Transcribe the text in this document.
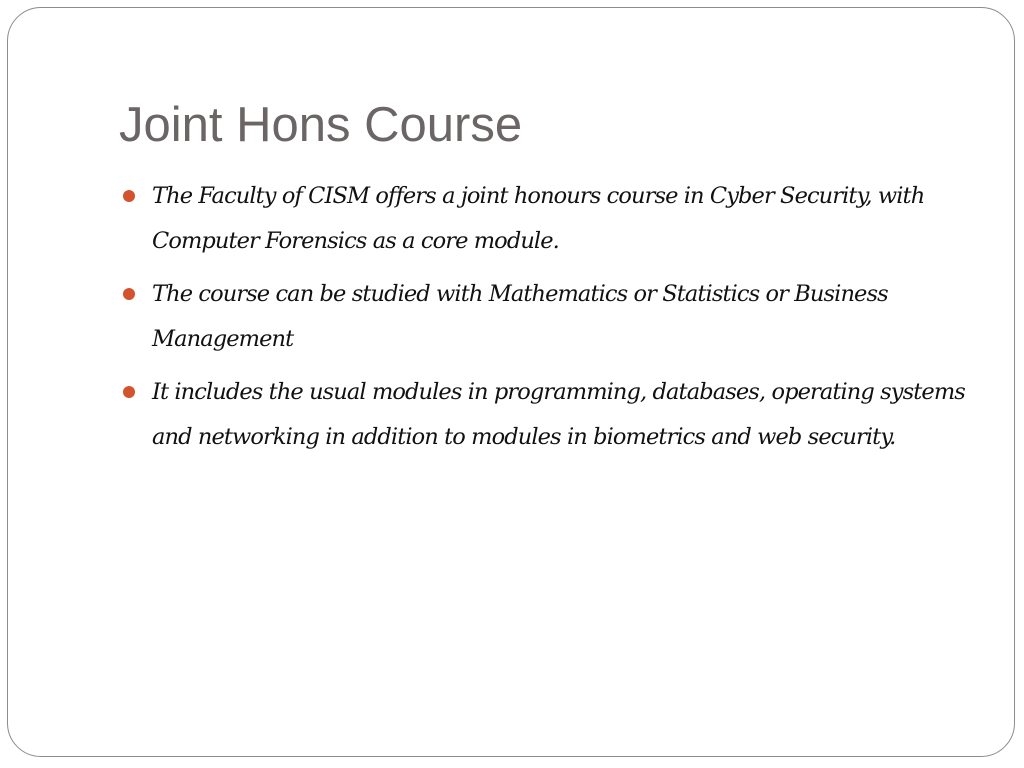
Joint Hons Course
The Faculty of CISM offers a joint honours course in Cyber Security, with Computer Forensics as a core module.
The course can be studied with Mathematics or Statistics or Business Management
It includes the usual modules in programming, databases, operating systems and networking in addition to modules in biometrics and web security.
